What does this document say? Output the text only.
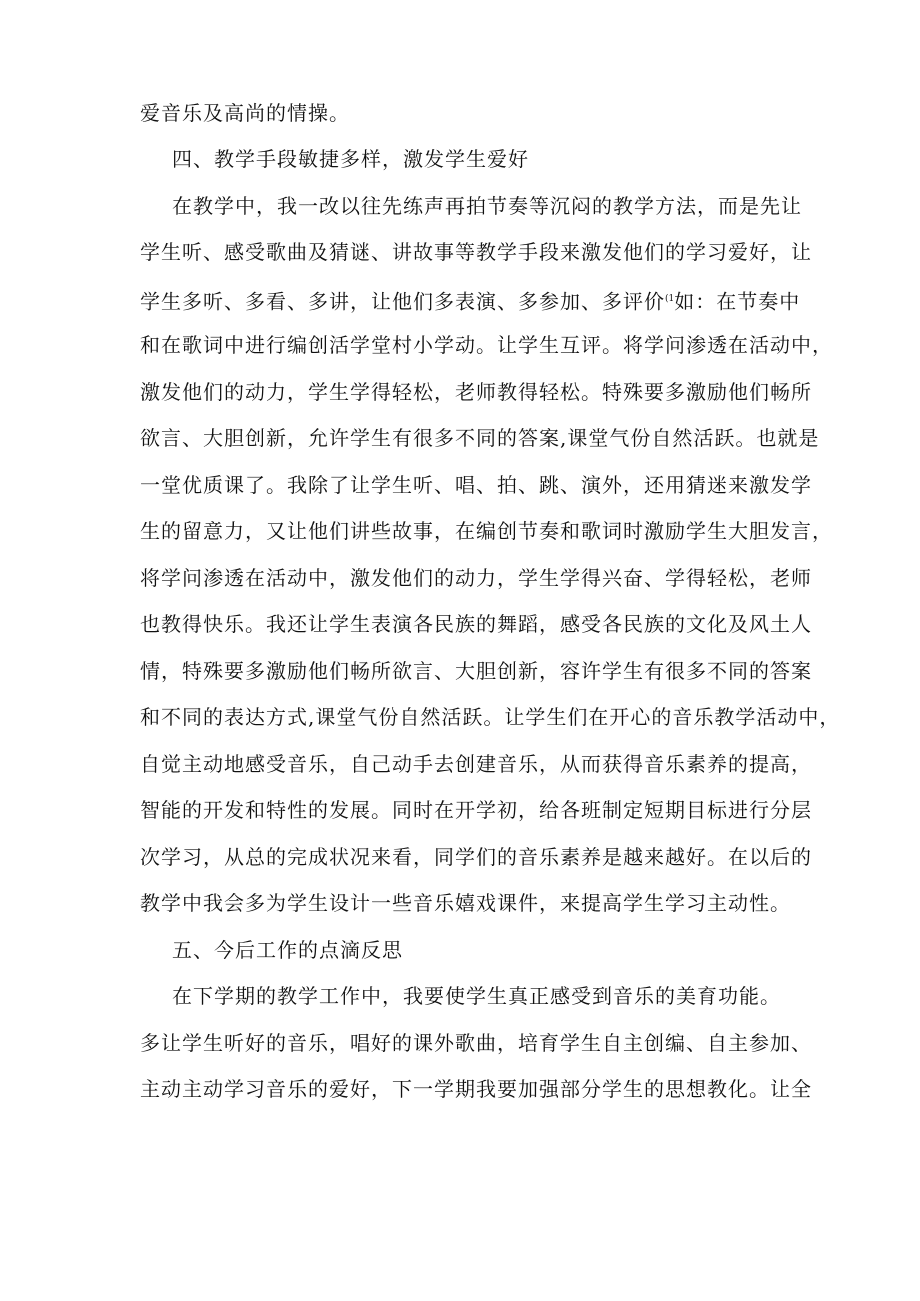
爱音乐及高尚的情操。
四、教学手段敏捷多样，激发学生爱好
在教学中，我一改以往先练声再拍节奏等沉闷的教学方法，而是先让
学生听、感受歌曲及猜谜、讲故事等教学手段来激发他们的学习爱好，让
学生多听、多看、多讲，让他们多表演、多参加、多评价$^{(1}$如：在节奏中
和在歌词中进行编创活学堂村小学动。让学生互评。将学问渗透在活动中，
激发他们的动力，学生学得轻松，老师教得轻松。特殊要多激励他们畅所
欲言、大胆创新，允许学生有很多不同的答案,课堂气份自然活跃。也就是
一堂优质课了。我除了让学生听、唱、拍、跳、演外，还用猜迷来激发学
生的留意力，又让他们讲些故事，在编创节奏和歌词时激励学生大胆发言，
将学问渗透在活动中，激发他们的动力，学生学得兴奋、学得轻松，老师
也教得快乐。我还让学生表演各民族的舞蹈，感受各民族的文化及风土人
情，特殊要多激励他们畅所欲言、大胆创新，容许学生有很多不同的答案
和不同的表达方式,课堂气份自然活跃。让学生们在开心的音乐教学活动中，
自觉主动地感受音乐，自己动手去创建音乐，从而获得音乐素养的提高，
智能的开发和特性的发展。同时在开学初，给各班制定短期目标进行分层
次学习，从总的完成状况来看，同学们的音乐素养是越来越好。在以后的
教学中我会多为学生设计一些音乐嬉戏课件，来提高学生学习主动性。
五、今后工作的点滴反思
在下学期的教学工作中，我要使学生真正感受到音乐的美育功能。
多让学生听好的音乐，唱好的课外歌曲，培育学生自主创编、自主参加、
主动主动学习音乐的爱好，下一学期我要加强部分学生的思想教化。让全
